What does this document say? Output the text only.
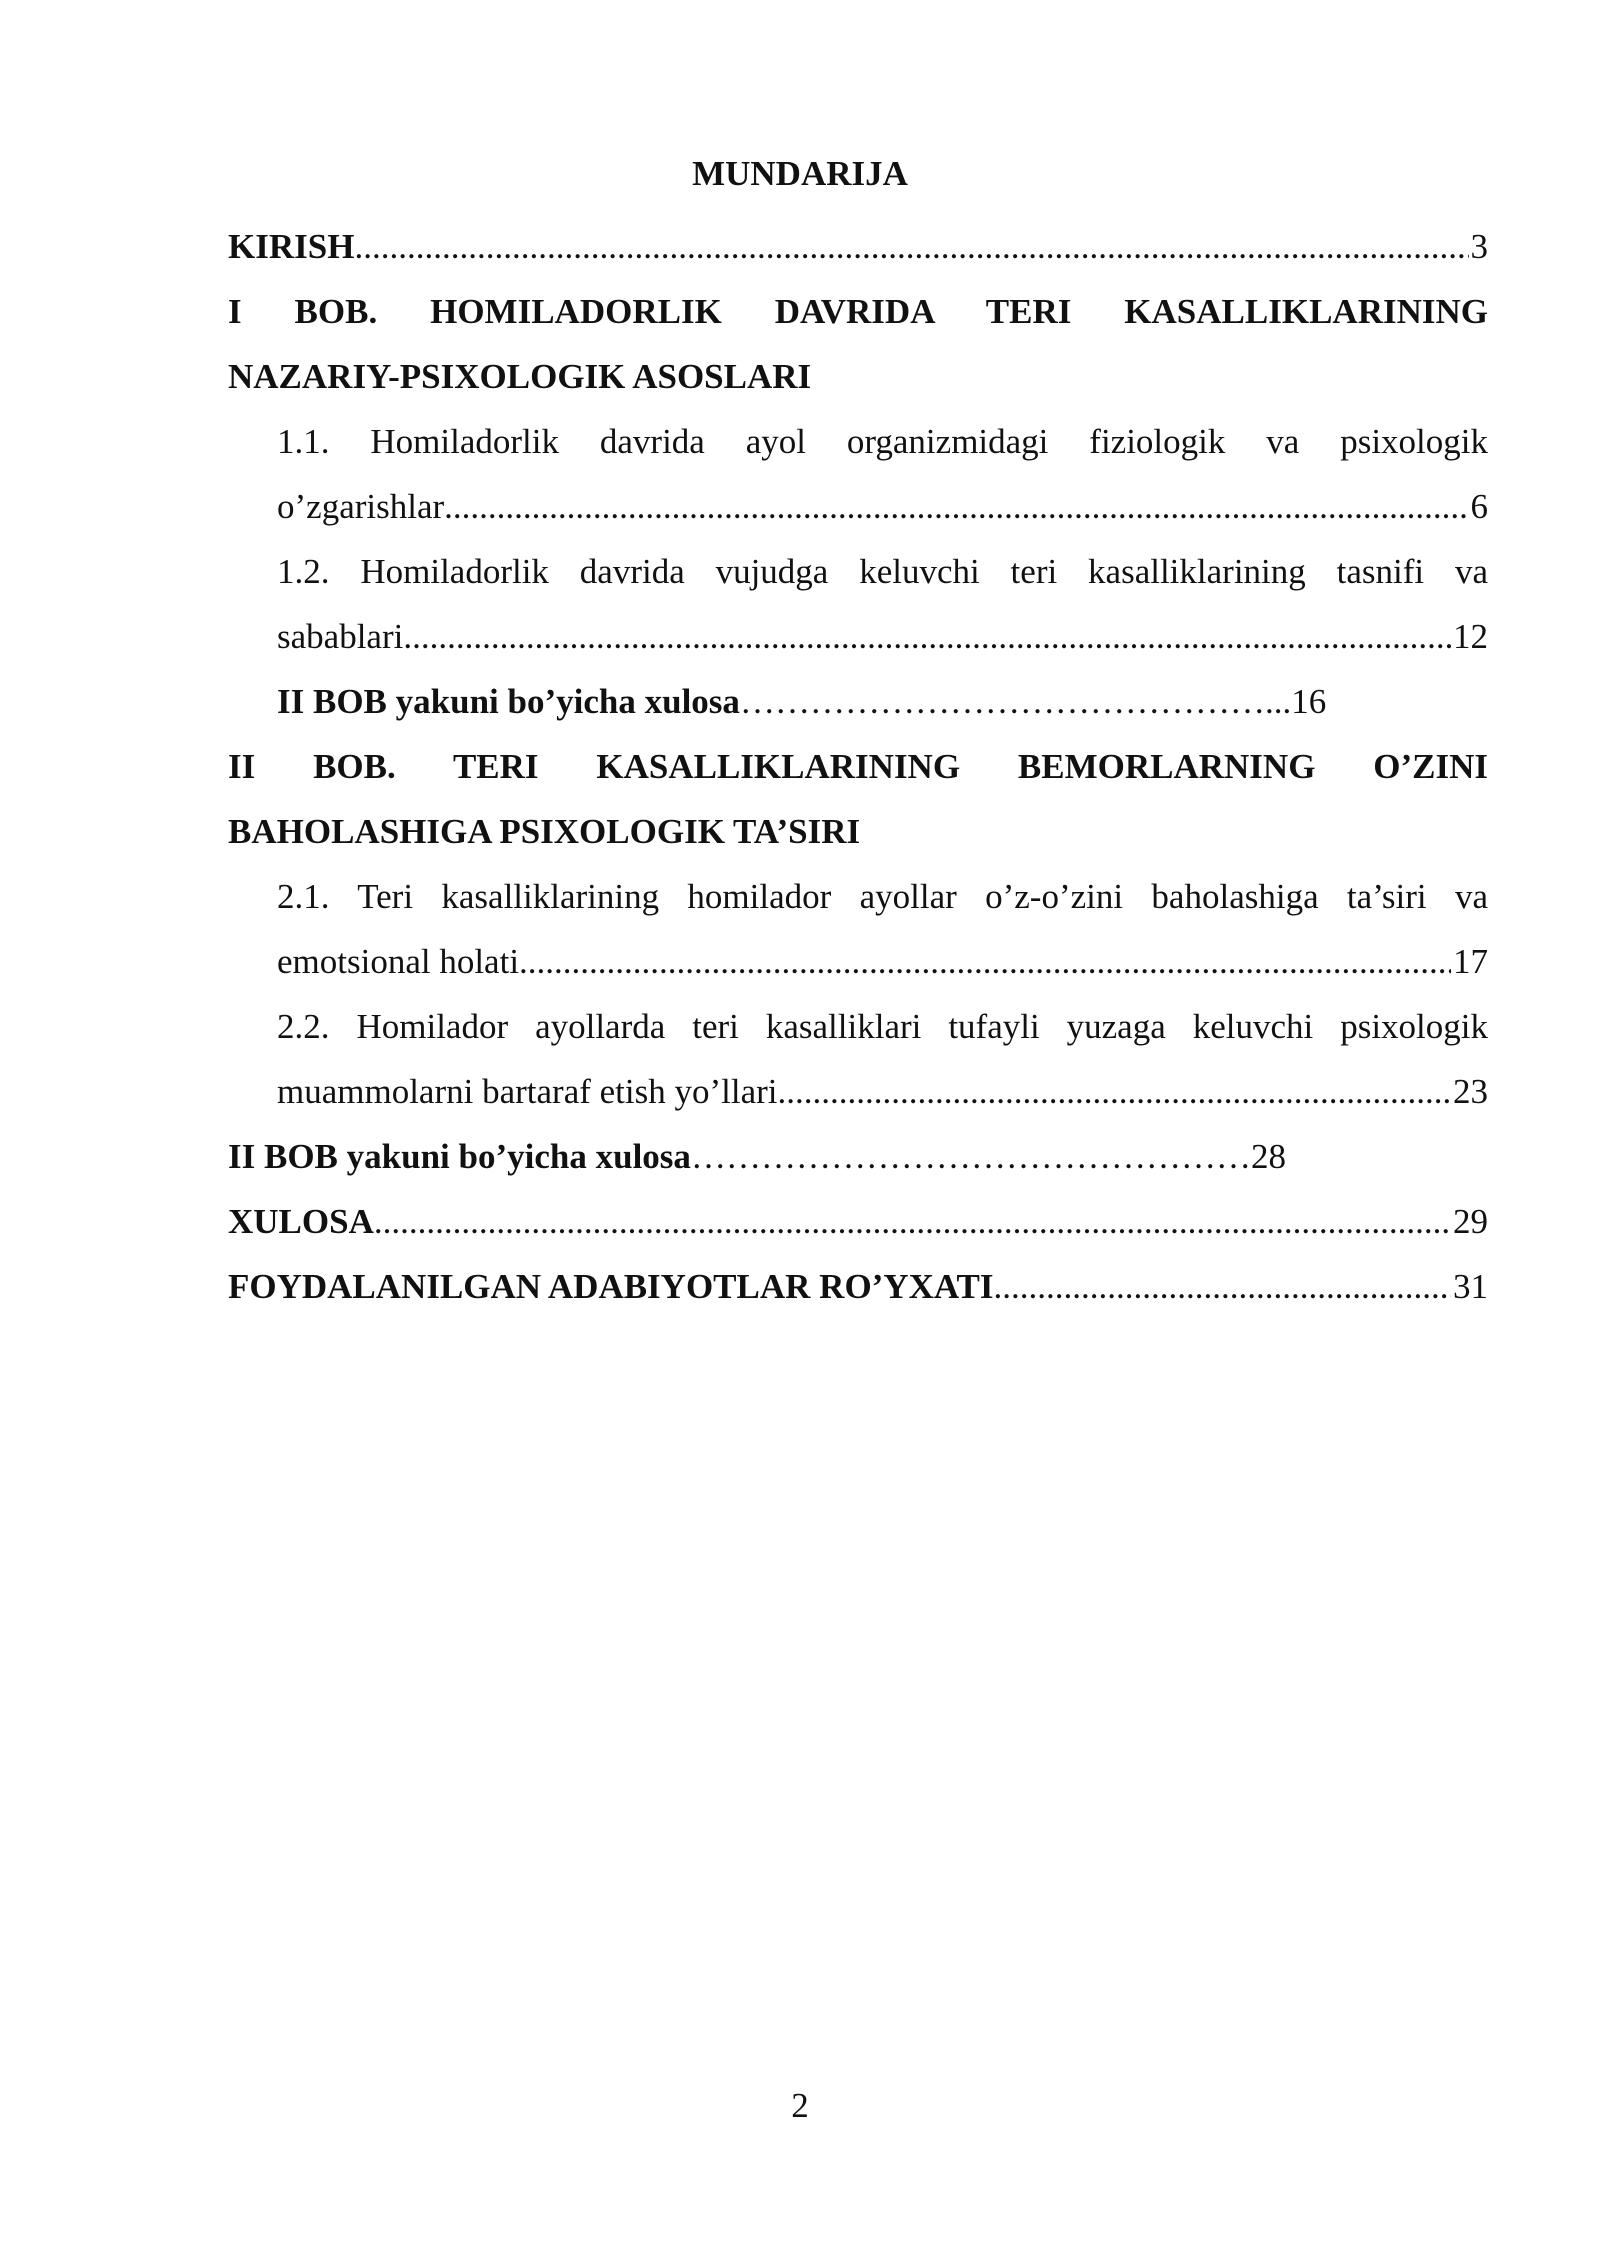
MUNDARIJA
KIRISH .....	3
I BOB. HOMILADORLIK DAVRIDA TERI KASALLIKLARINING
NAZARIY-PSIXOLOGIK ASOSLARI
1.1. Homiladorlik davrida ayol organizmidagi fiziologik va psixologik
o’zgarishlar .....	6
1.2. Homiladorlik davrida vujudga keluvchi teri kasalliklarining tasnifi va
sabablari .....	12
II BOB yakuni bo’yicha xulosa………………………………………...16
II BOB. TERI KASALLIKLARINING BEMORLARNING O’ZINI
BAHOLASHIGA PSIXOLOGIK TA’SIRI
2.1. Teri kasalliklarining homilador ayollar o’z-o’zini baholashiga ta’siri va
emotsional holati .....	17
2.2. Homilador ayollarda teri kasalliklari tufayli yuzaga keluvchi psixologik
muammolarni bartaraf etish yo’llari .....	23
II BOB yakuni bo’yicha xulosa…………………………………………28
XULOSA .....	29
FOYDALANILGAN ADABIYOTLAR RO’YXATI .....	31
2
